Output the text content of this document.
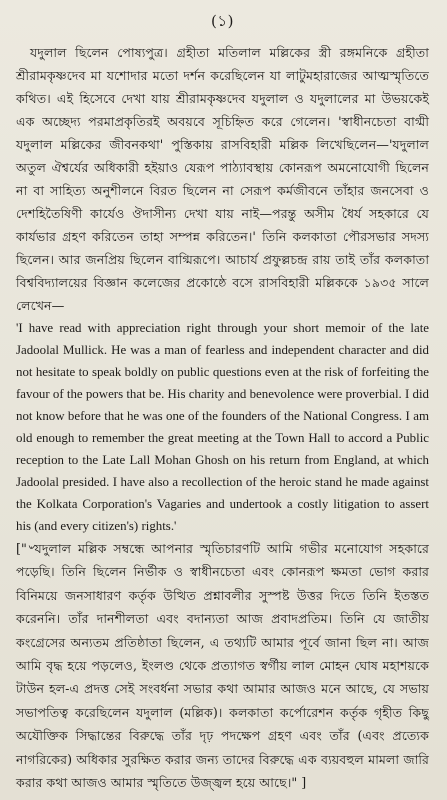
(১)

যদুলাল ছিলেন পোষ্যপুত্র। গ্রহীতা মতিলাল মল্লিকের স্ত্রী রঙ্গমনিকে গ্রহীতা শ্রীরামকৃষ্ণদেব মা যশোদার মতো দর্শন করেছিলেন যা লাটুমহারাজের আত্মস্মৃতিতে কথিত। এই হিসেবে দেখা যায় শ্রীরামকৃষ্ণদেব যদুলাল ও যদুলালের মা উভয়কেই এক অচ্ছেদ্য পরমাপ্রকৃতিরই অবয়বে সূচিহ্নিত করে গেলেন। 'স্বাধীনচেতা বাগ্মী যদুলাল মল্লিকের জীবনকথা' পুস্তিকায় রাসবিহারী মল্লিক লিখেছিলেন—'যদুলাল অতুল ঐশ্বর্যের অধিকারী হইয়াও যেরূপ পাঠ্যাবস্থায় কোনরূপ অমনোযোগী ছিলেন না বা সাহিত্য অনুশীলনে বিরত ছিলেন না সেরূপ কর্মজীবনে তাঁহার জনসেবা ও দেশহিতৈষিণী কার্যেও ঔদাসীন্য দেখা যায় নাই—পরন্তু অসীম ধৈর্য সহকারে যে কার্যভার গ্রহণ করিতেন তাহা সম্পন্ন করিতেন।' তিনি কলকাতা পৌরসভার সদস্য ছিলেন। আর জনপ্রিয় ছিলেন বাগ্মিরূপে। আচার্য প্রফুল্লচন্দ্র রায় তাই তাঁর কলকাতা বিশ্ববিদ্যালয়ের বিজ্ঞান কলেজের প্রকোষ্ঠে বসে রাসবিহারী মল্লিককে ১৯৩৫ সালে লেখেন—

'I have read with appreciation right through your short memoir of the late Jadoolal Mullick. He was a man of fearless and independent character and did not hesitate to speak boldly on public questions even at the risk of forfeiting the favour of the powers that be. His charity and benevolence were proverbial. I did not know before that he was one of the founders of the National Congress. I am old enough to remember the great meeting at the Town Hall to accord a Public reception to the Late Lall Mohan Ghosh on his return from England, at which Jadoolal presided. I have also a recollection of the heroic stand he made against the Kolkata Corporation's Vagaries and undertook a costly litigation to assert his (and every citizen's) rights.'

["৺যদুলাল মল্লিক সম্বন্ধে আপনার স্মৃতিচারণটি আমি গভীর মনোযোগ সহকারে পড়েছি। তিনি ছিলেন নির্ভীক ও স্বাধীনচেতা এবং কোনরূপ ক্ষমতা ভোগ করার বিনিময়ে জনসাধারণ কর্তৃক উত্থিত প্রশ্নাবলীর সুস্পষ্ট উত্তর দিতে তিনি ইতস্তত করেননি। তাঁর দানশীলতা এবং বদান্যতা আজ প্রবাদপ্রতিম। তিনি যে জাতীয় কংগ্রেসের অন্যতম প্রতিষ্ঠাতা ছিলেন, এ তথ্যটি আমার পূর্বে জানা ছিল না। আজ আমি বৃদ্ধ হয়ে পড়লেও, ইংলণ্ড থেকে প্রত্যাগত স্বর্গীয় লাল মোহন ঘোষ মহাশয়কে টাউন হল-এ প্রদত্ত সেই সংবর্ধনা সভার কথা আমার আজও মনে আছে, যে সভায় সভাপতিত্ব করেছিলেন যদুলাল (মল্লিক)। কলকাতা কর্পোরেশন কর্তৃক গৃহীত কিছু অযৌক্তিক সিদ্ধান্তের বিরুদ্ধে তাঁর দৃঢ় পদক্ষেপ গ্রহণ এবং তাঁর (এবং প্রত্যেক নাগরিকের) অধিকার সুরক্ষিত করার জন্য তাদের বিরুদ্ধে এক ব্যয়বহুল মামলা জারি করার কথা আজও আমার স্মৃতিতে উজ্জ্বল হয়ে আছে।" ]
